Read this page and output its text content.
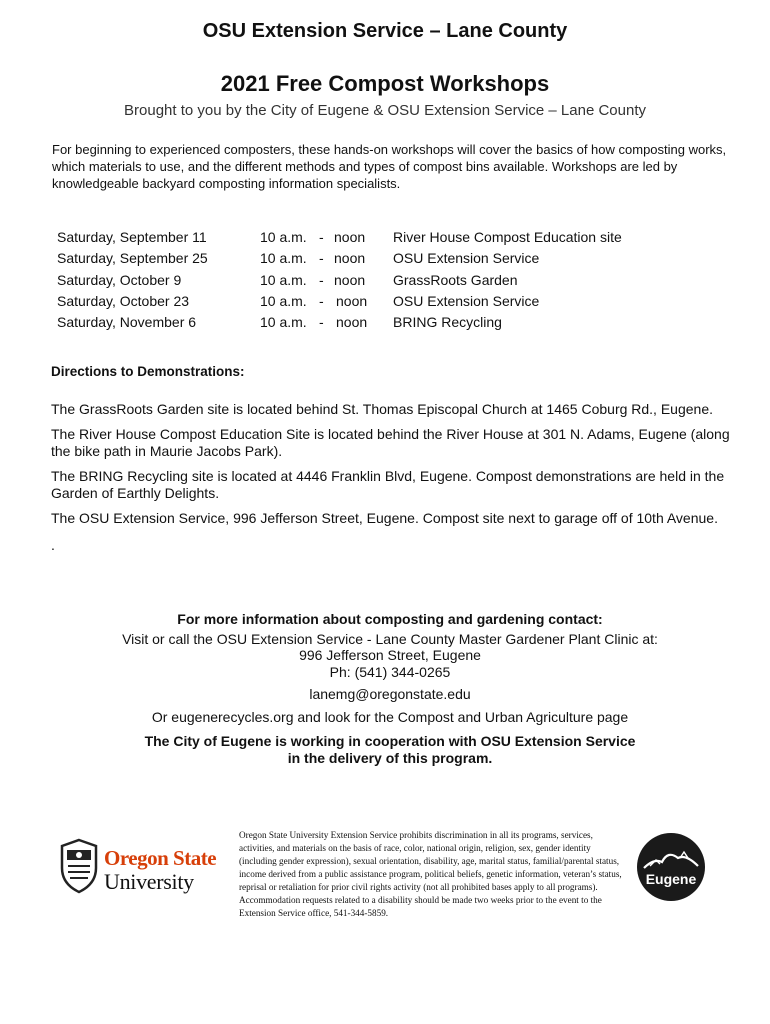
OSU Extension Service – Lane County
2021 Free Compost Workshops
Brought to you by the City of Eugene & OSU Extension Service – Lane County

For beginning to experienced composters, these hands-on workshops will cover the basics of how composting works, which materials to use, and the different methods and types of compost bins available. Workshops are led by knowledgeable backyard composting information specialists.

Saturday, September 11	10 a.m. - noon River House Compost Education site
Saturday, September 25	10 a.m. - noon OSU Extension Service
Saturday, October 9	10 a.m. - noon GrassRoots Garden
Saturday, October 23	10 a.m. - noon OSU Extension Service
Saturday, November 6	10 a.m. - noon BRING Recycling
Directions to Demonstrations:

The GrassRoots Garden site is located behind St. Thomas Episcopal Church at 1465 Coburg Rd., Eugene.

The River House Compost Education Site is located behind the River House at 301 N. Adams, Eugene (along the bike path in Maurie Jacobs Park).

The BRING Recycling site is located at 4446 Franklin Blvd, Eugene. Compost demonstrations are held in the Garden of Earthly Delights.

The OSU Extension Service, 996 Jefferson Street, Eugene. Compost site next to garage off of 10th Avenue.

.
For more information about composting and gardening contact:
Visit or call the OSU Extension Service - Lane County Master Gardener Plant Clinic at:
996 Jefferson Street, Eugene
Ph: (541) 344-0265
lanemg@oregonstate.edu
Or eugenerecycles.org and look for the Compost and Urban Agriculture page
The City of Eugene is working in cooperation with OSU Extension Service
in the delivery of this program.
Oregon State
University

Oregon State University Extension Service prohibits discrimination in all its programs, services, activities, and materials on the basis of race, color, national origin, religion, sex, gender identity (including gender expression), sexual orientation, disability, age, marital status, familial/parental status, income derived from a public assistance program, political beliefs, genetic information, veteran’s status, reprisal or retaliation for prior civil rights activity (not all prohibited bases apply to all programs). Accommodation requests related to a disability should be made two weeks prior to the event to the Extension Service office, 541-344-5859.

Eugene
